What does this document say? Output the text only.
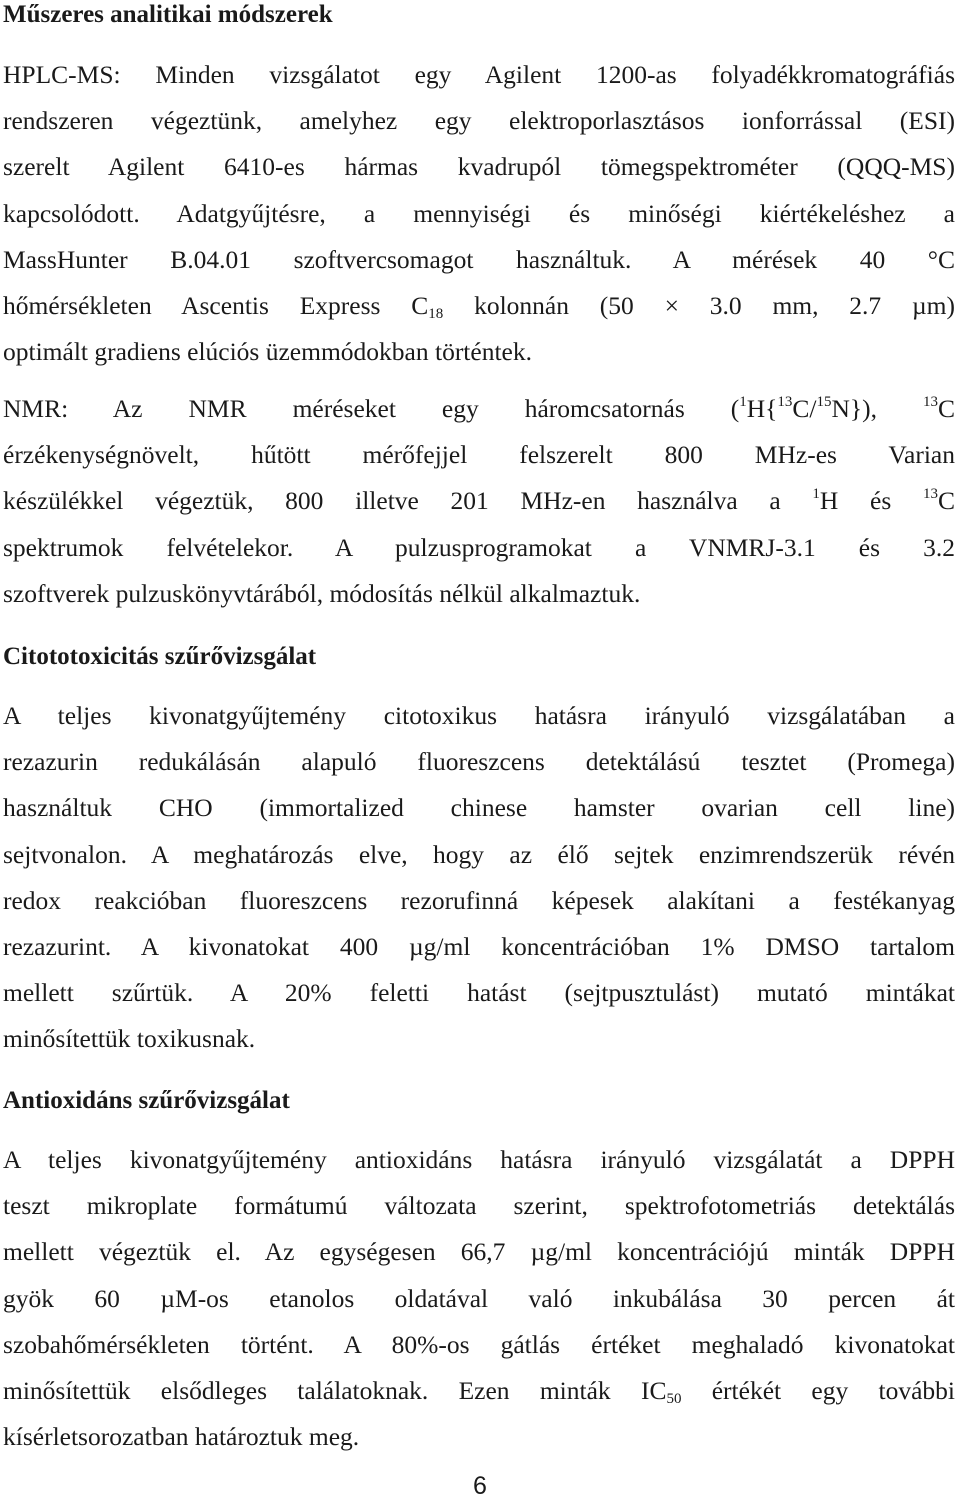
Műszeres analitikai módszerek
HPLC-MS: Minden vizsgálatot egy Agilent 1200-as folyadékkromatográfiás
rendszeren végeztünk, amelyhez egy elektroporlasztásos ionforrással (ESI)
szerelt Agilent 6410-es hármas kvadrupól tömegspektrométer (QQQ-MS)
kapcsolódott. Adatgyűjtésre, a mennyiségi és minőségi kiértékeléshez a
MassHunter B.04.01 szoftvercsomagot használtuk. A mérések 40 °C
hőmérsékleten Ascentis Express $C_{18}$ kolonnán (50 × 3.0 mm, 2.7 µm)
optimált gradiens elúciós üzemmódokban történtek.
NMR: Az NMR méréseket egy háromcsatornás ($^1$H{$^{13}$C/$^{15}$N}), $^{13}$C
érzékenységnövelt, hűtött mérőfejjel felszerelt 800 MHz-es Varian
készülékkel végeztük, 800 illetve 201 MHz-en használva a $^1$H és $^{13}$C
spektrumok felvételekor. A pulzusprogramokat a VNMRJ-3.1 és 3.2
szoftverek pulzuskönyvtárából, módosítás nélkül alkalmaztuk.
Citototoxicitás szűrővizsgálat
A teljes kivonatgyűjtemény citotoxikus hatásra irányuló vizsgálatában a
rezazurin redukálásán alapuló fluoreszcens detektálású tesztet (Promega)
használtuk CHO (immortalized chinese hamster ovarian cell line)
sejtvonalon. A meghatározás elve, hogy az élő sejtek enzimrendszerük révén
redox reakcióban fluoreszcens rezorufinná képesek alakítani a festékanyag
rezazurint. A kivonatokat 400 µg/ml koncentrációban 1% DMSO tartalom
mellett szűrtük. A 20% feletti hatást (sejtpusztulást) mutató mintákat
minősítettük toxikusnak.
Antioxidáns szűrővizsgálat
A teljes kivonatgyűjtemény antioxidáns hatásra irányuló vizsgálatát a DPPH
teszt mikroplate formátumú változata szerint, spektrofotometriás detektálás
mellett végeztük el. Az egységesen 66,7 µg/ml koncentrációjú minták DPPH
gyök 60 µM-os etanolos oldatával való inkubálása 30 percen át
szobahőmérsékleten történt. A 80%-os gátlás értéket meghaladó kivonatokat
minősítettük elsődleges találatoknak. Ezen minták $IC_{50}$ értékét egy további
kísérletsorozatban határoztuk meg.
6
